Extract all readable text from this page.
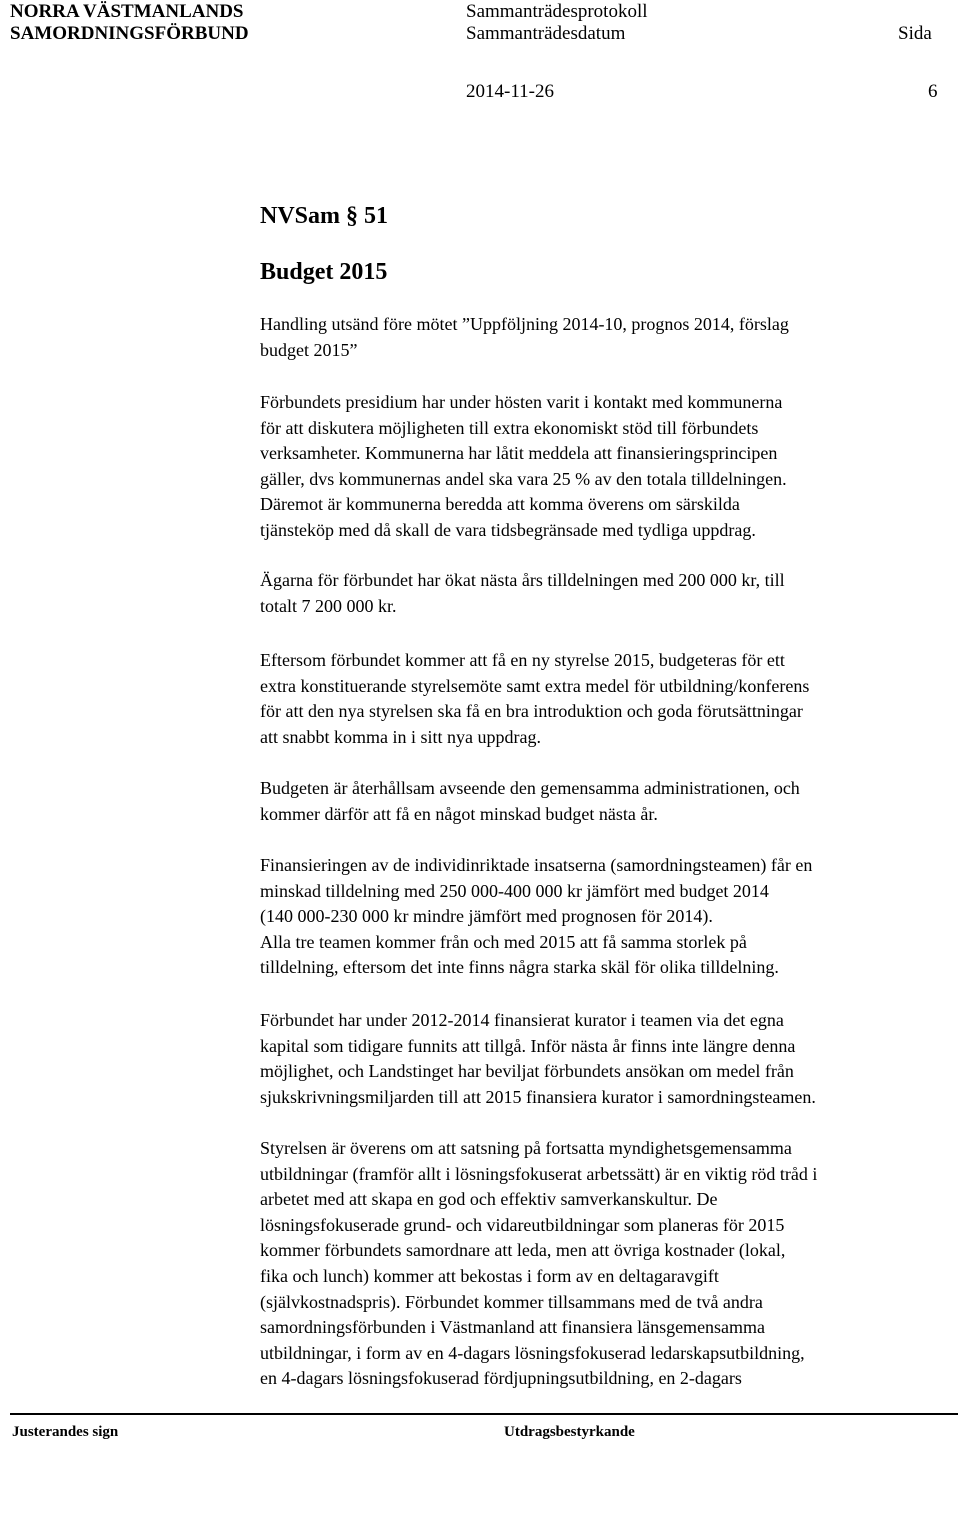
NORRA VÄSTMANLANDS
SAMORDNINGSFÖRBUND
Sammanträdesprotokoll
Sammanträdesdatum	Sida
2014-11-26	6
NVSam § 51
Budget 2015
Handling utsänd före mötet ”Uppföljning 2014-10, prognos 2014, förslag
budget 2015”
Förbundets presidium har under hösten varit i kontakt med kommunerna
för att diskutera möjligheten till extra ekonomiskt stöd till förbundets
verksamheter. Kommunerna har låtit meddela att finansieringsprincipen
gäller, dvs kommunernas andel ska vara 25 % av den totala tilldelningen.
Däremot är kommunerna beredda att komma överens om särskilda
tjänsteköp med då skall de vara tidsbegränsade med tydliga uppdrag.
Ägarna för förbundet har ökat nästa års tilldelningen med 200 000 kr, till
totalt 7 200 000 kr.
Eftersom förbundet kommer att få en ny styrelse 2015, budgeteras för ett
extra konstituerande styrelsemöte samt extra medel för utbildning/konferens
för att den nya styrelsen ska få en bra introduktion och goda förutsättningar
att snabbt komma in i sitt nya uppdrag.
Budgeten är återhållsam avseende den gemensamma administrationen, och
kommer därför att få en något minskad budget nästa år.
Finansieringen av de individinriktade insatserna (samordningsteamen) får en
minskad tilldelning med 250 000-400 000 kr jämfört med budget 2014
(140 000-230 000 kr mindre jämfört med prognosen för 2014).
Alla tre teamen kommer från och med 2015 att få samma storlek på
tilldelning, eftersom det inte finns några starka skäl för olika tilldelning.
Förbundet har under 2012-2014 finansierat kurator i teamen via det egna
kapital som tidigare funnits att tillgå. Inför nästa år finns inte längre denna
möjlighet, och Landstinget har beviljat förbundets ansökan om medel från
sjukskrivningsmiljarden till att 2015 finansiera kurator i samordningsteamen.
Styrelsen är överens om att satsning på fortsatta myndighetsgemensamma
utbildningar (framför allt i lösningsfokuserat arbetssätt) är en viktig röd tråd i
arbetet med att skapa en god och effektiv samverkanskultur. De
lösningsfokuserade grund- och vidareutbildningar som planeras för 2015
kommer förbundets samordnare att leda, men att övriga kostnader (lokal,
fika och lunch) kommer att bekostas i form av en deltagaravgift
(självkostnadspris). Förbundet kommer tillsammans med de två andra
samordningsförbunden i Västmanland att finansiera länsgemensamma
utbildningar, i form av en 4-dagars lösningsfokuserad ledarskapsutbildning,
en 4-dagars lösningsfokuserad fördjupningsutbildning, en 2-dagars
Justerandes sign	Utdragsbestyrkande
